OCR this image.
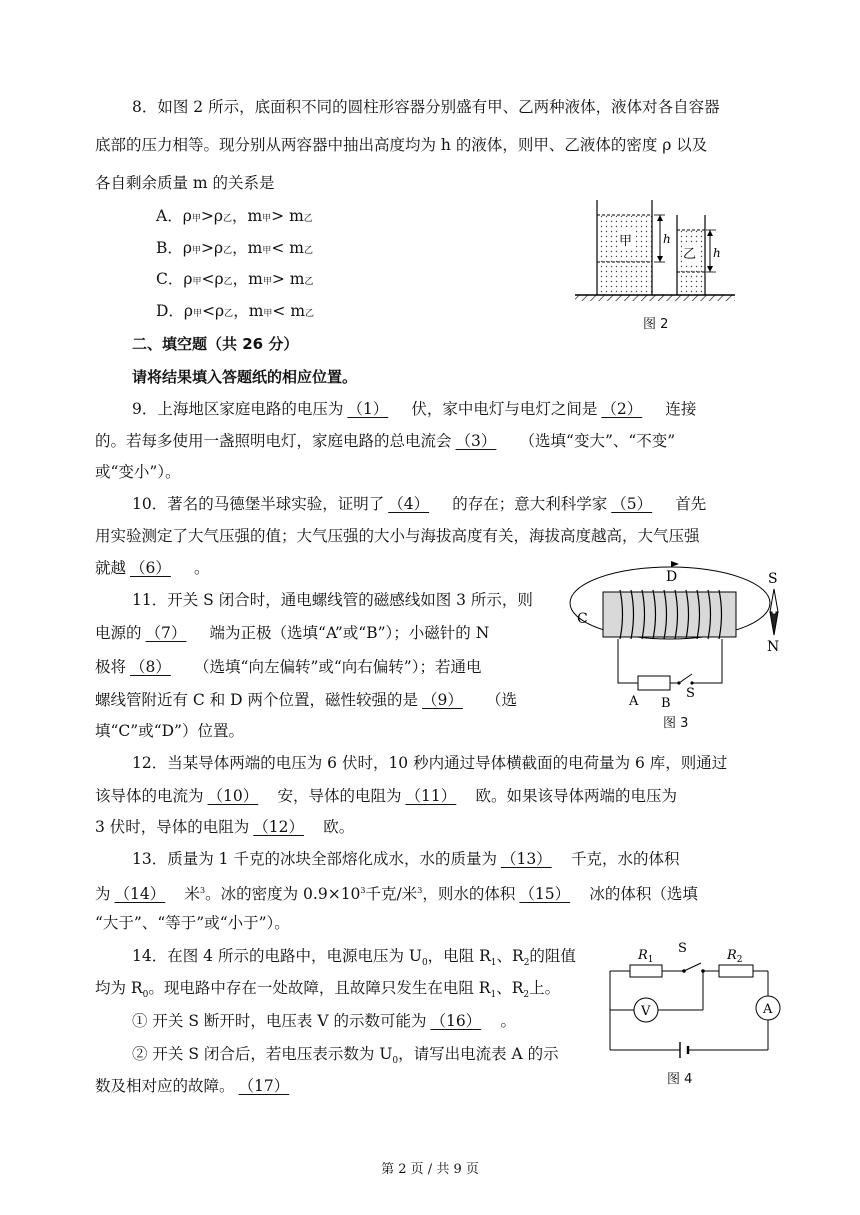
8．如图 2 所示，底面积不同的圆柱形容器分别盛有甲、乙两种液体，液体对各自容器
底部的压力相等。现分别从两容器中抽出高度均为 h 的液体，则甲、乙液体的密度 ρ 以及
各自剩余质量 m 的关系是
A．ρ甲>ρ乙，m甲> m乙
B．ρ甲>ρ乙，m甲< m乙
C．ρ甲<ρ乙，m甲> m乙
D．ρ甲<ρ乙，m甲< m乙
甲	h
乙 h
图 2
二、填空题（共 26 分）
请将结果填入答题纸的相应位置。
9．上海地区家庭电路的电压为 （1） 伏，家中电灯与电灯之间是 （2） 连接
的。若每多使用一盏照明电灯，家庭电路的总电流会 （3） （选填“变大”、“不变”
或“变小”）。
10．著名的马德堡半球实验，证明了 （4） 的存在；意大利科学家 （5） 首先
用实验测定了大气压强的值；大气压强的大小与海拔高度有关，海拔高度越高，大气压强
就越 （6） 。
11．开关 S 闭合时，通电螺线管的磁感线如图 3 所示，则
电源的 （7） 端为正极（选填“A”或“B”）；小磁针的 N
极将 （8） （选填“向左偏转”或“向右偏转”）；若通电
螺线管附近有 C 和 D 两个位置，磁性较强的是 （9） （选
填“C”或“D”）位置。
C
D	S
N
A B
S
图 3
12．当某导体两端的电压为 6 伏时，10 秒内通过导体横截面的电荷量为 6 库，则通过
该导体的电流为 （10） 安，导体的电阻为 （11） 欧。如果该导体两端的电压为
3 伏时，导体的电阻为 （12） 欧。
13．质量为 1 千克的冰块全部熔化成水，水的质量为 （13） 千克，水的体积
为 （14） 米$^3$。冰的密度为 $0.9\times 10^3$千克/米$^3$，则水的体积 （15） 冰的体积（选填
“大于”、“等于”或“小于”）。
14．在图 4 所示的电路中，电源电压为 $U_0$，电阻 $R_1$、$R_2$的阻值
均为 $R_0$。现电路中存在一处故障，且故障只发生在电阻 $R_1$、$R_2$上。
① 开关 S 断开时，电压表 V 的示数可能为 （16） 。
② 开关 S 闭合后，若电压表示数为 $U_0$，请写出电流表 A 的示
数及相对应的故障。 （17）
$R_1$	$R_2$
S
V	A
图 4
第 2 页 / 共 9 页
